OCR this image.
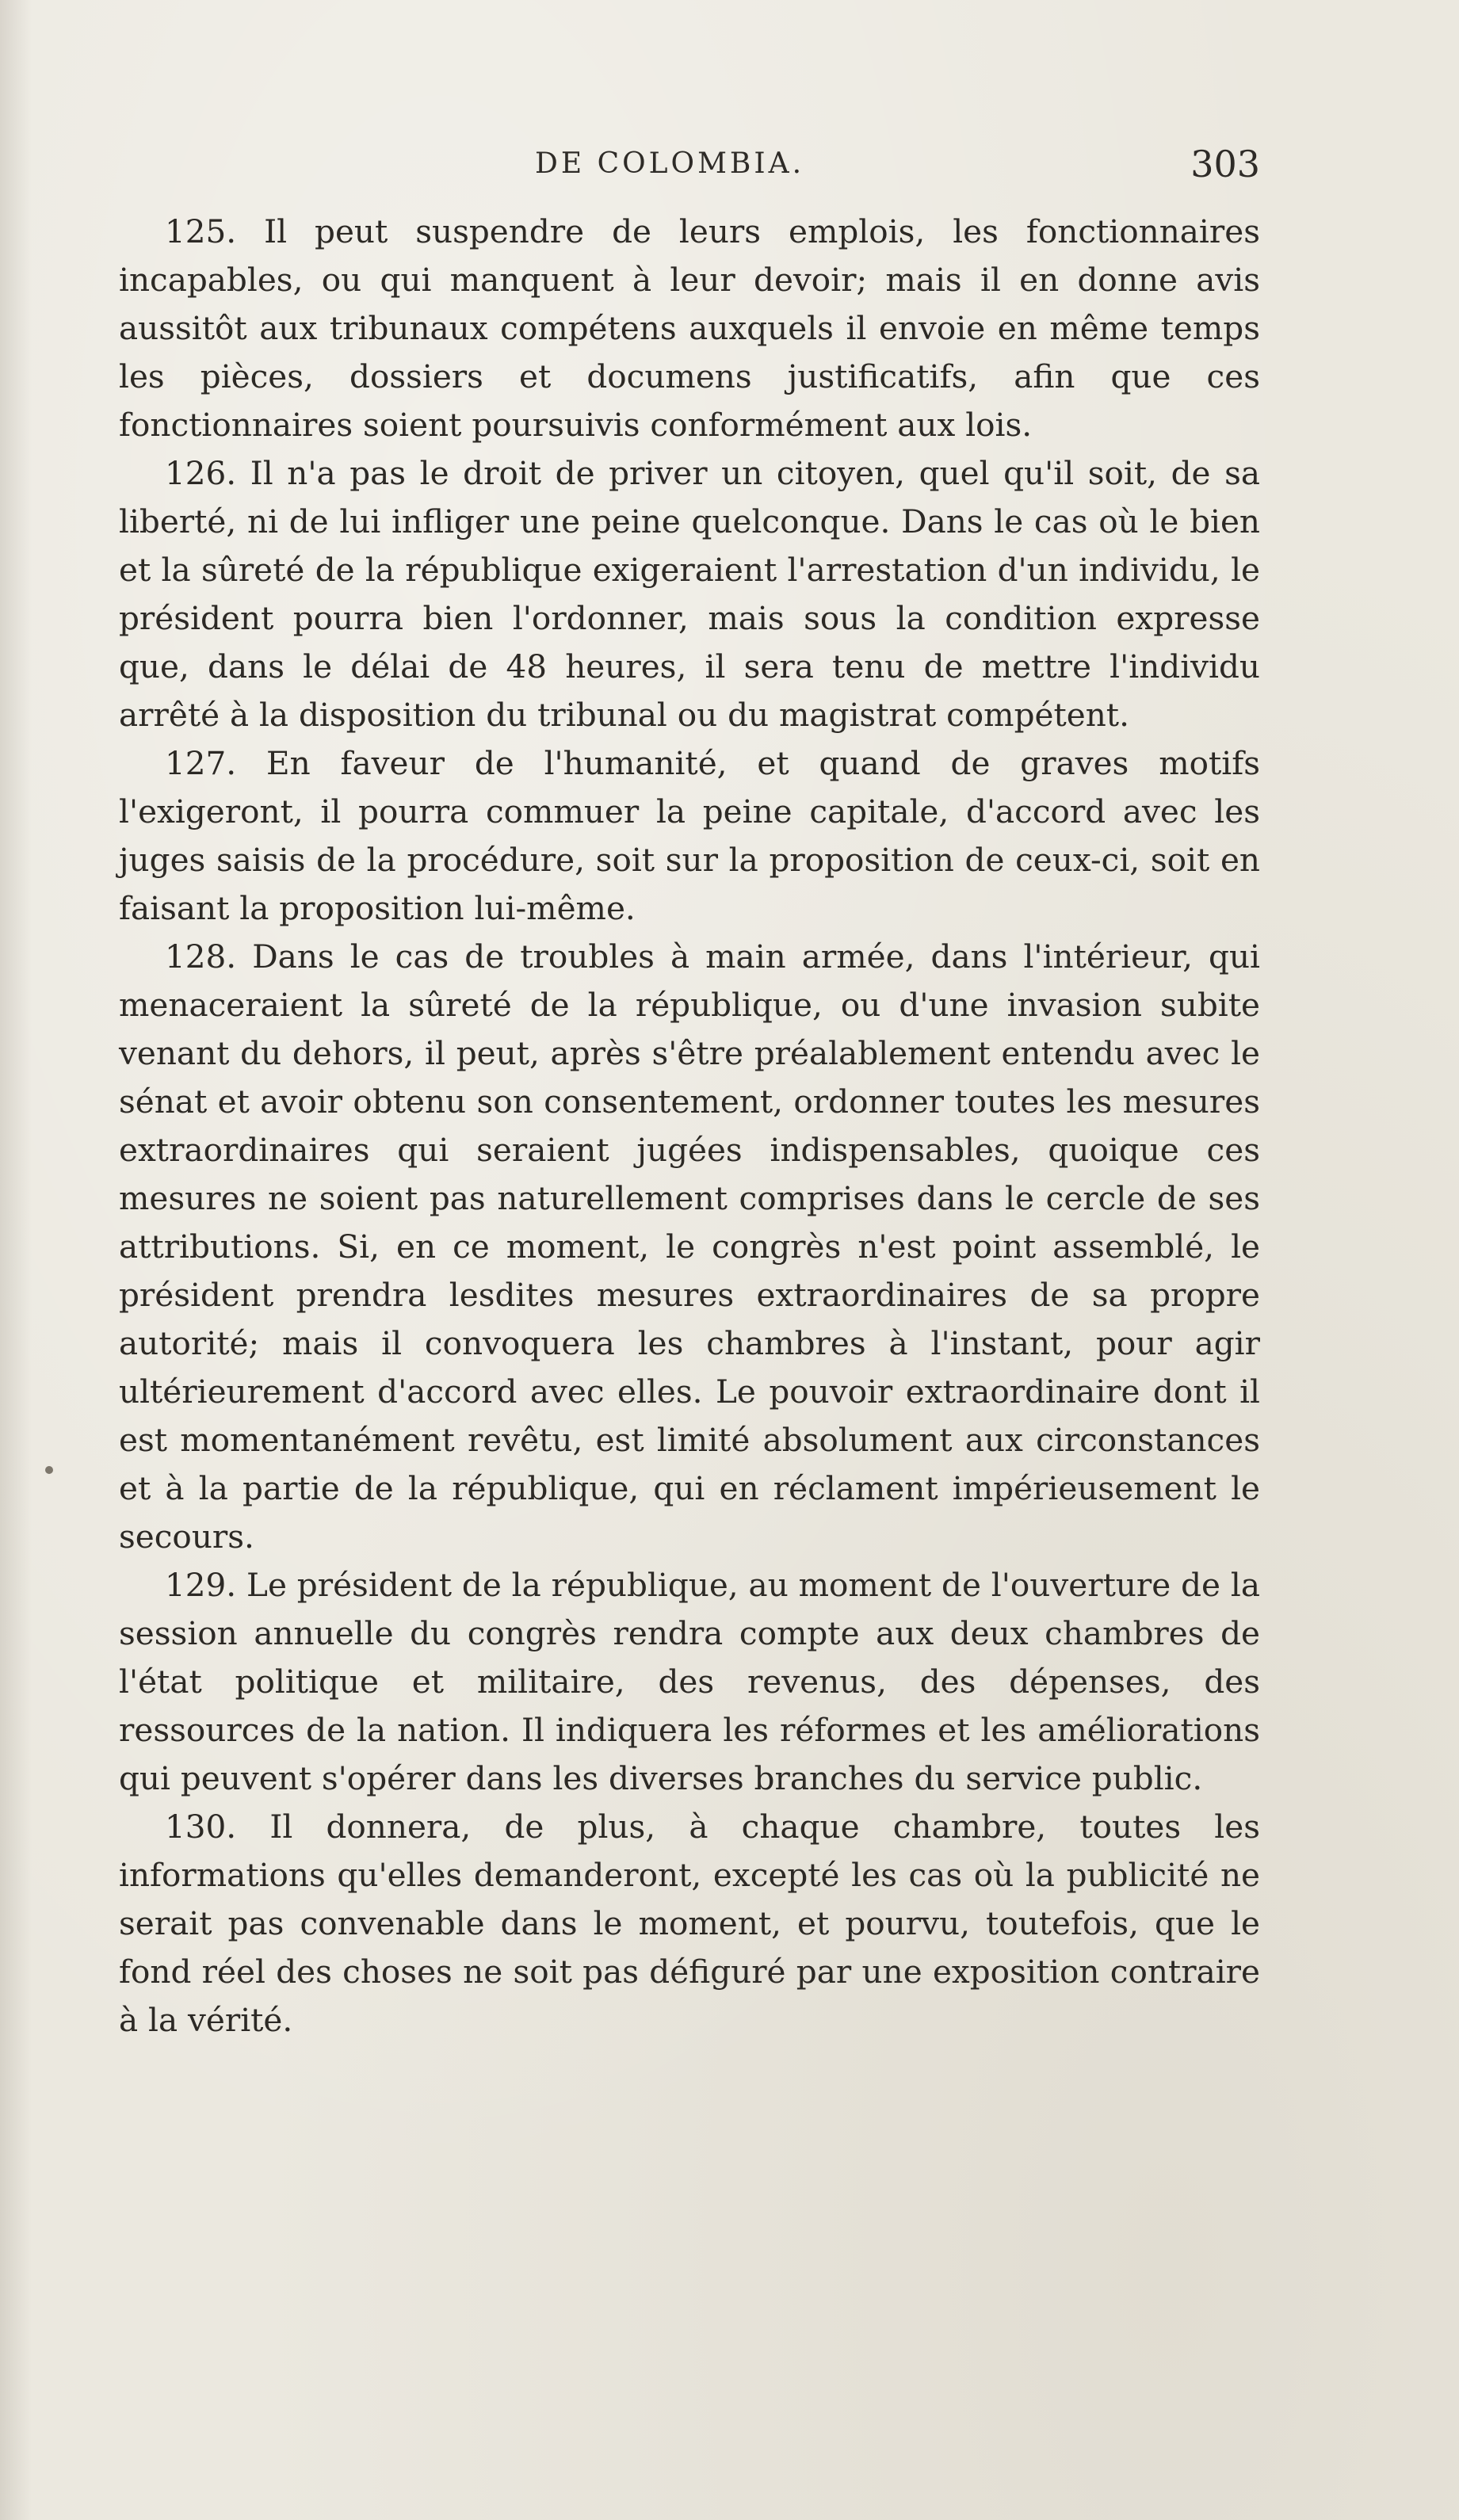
DE COLOMBIA.	303

125. Il peut suspendre de leurs emplois, les fonctionnaires incapables, ou qui manquent à leur devoir; mais il en donne avis aussitôt aux tribunaux compétens auxquels il envoie en même temps les pièces, dossiers et documens justificatifs, afin que ces fonctionnaires soient poursuivis conformément aux lois.

126. Il n'a pas le droit de priver un citoyen, quel qu'il soit, de sa liberté, ni de lui infliger une peine quelconque. Dans le cas où le bien et la sûreté de la république exigeraient l'arrestation d'un individu, le président pourra bien l'ordonner, mais sous la condition expresse que, dans le délai de 48 heures, il sera tenu de mettre l'individu arrêté à la disposition du tribunal ou du magistrat compétent.

127. En faveur de l'humanité, et quand de graves motifs l'exigeront, il pourra commuer la peine capitale, d'accord avec les juges saisis de la procédure, soit sur la proposition de ceux-ci, soit en faisant la proposition lui-même.

128. Dans le cas de troubles à main armée, dans l'intérieur, qui menaceraient la sûreté de la république, ou d'une invasion subite venant du dehors, il peut, après s'être préalablement entendu avec le sénat et avoir obtenu son consentement, ordonner toutes les mesures extraordinaires qui seraient jugées indispensables, quoique ces mesures ne soient pas naturellement comprises dans le cercle de ses attributions. Si, en ce moment, le congrès n'est point assemblé, le président prendra lesdites mesures extraordinaires de sa propre autorité; mais il convoquera les chambres à l'instant, pour agir ultérieurement d'accord avec elles. Le pouvoir extraordinaire dont il est momentanément revêtu, est limité absolument aux circonstances et à la partie de la république, qui en réclament impérieusement le secours.

129. Le président de la république, au moment de l'ouverture de la session annuelle du congrès rendra compte aux deux chambres de l'état politique et militaire, des revenus, des dépenses, des ressources de la nation. Il indiquera les réformes et les améliorations qui peuvent s'opérer dans les diverses branches du service public.

130. Il donnera, de plus, à chaque chambre, toutes les informations qu'elles demanderont, excepté les cas où la publicité ne serait pas convenable dans le moment, et pourvu, toutefois, que le fond réel des choses ne soit pas défiguré par une exposition contraire à la vérité.
